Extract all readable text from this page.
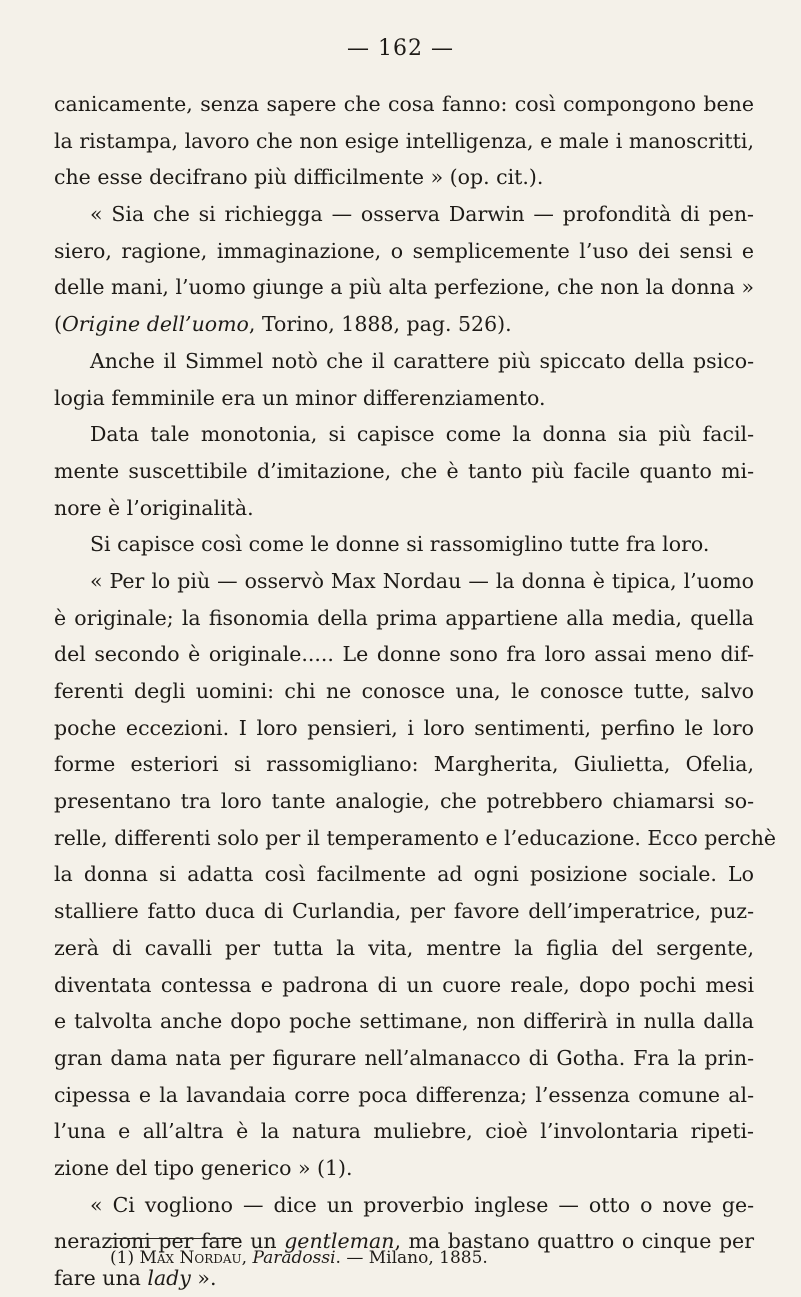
— 162 —
canicamente, senza sapere che cosa fanno: così compongono bene
la ristampa, lavoro che non esige intelligenza, e male i manoscritti,
che esse decifrano più difficilmente » (op. cit.).
« Sia che si richiegga — osserva Darwin — profondità di pen-
siero, ragione, immaginazione, o semplicemente l’uso dei sensi e
delle mani, l’uomo giunge a più alta perfezione, che non la donna »
(Origine dell’uomo, Torino, 1888, pag. 526).
Anche il Simmel notò che il carattere più spiccato della psico-
logia femminile era un minor differenziamento.
Data tale monotonia, si capisce come la donna sia più facil-
mente suscettibile d’imitazione, che è tanto più facile quanto mi-
nore è l’originalità.
Si capisce così come le donne si rassomiglino tutte fra loro.
« Per lo più — osservò Max Nordau — la donna è tipica, l’uomo
è originale; la fisonomia della prima appartiene alla media, quella
del secondo è originale..... Le donne sono fra loro assai meno dif-
ferenti degli uomini: chi ne conosce una, le conosce tutte, salvo
poche eccezioni. I loro pensieri, i loro sentimenti, perfino le loro
forme esteriori si rassomigliano: Margherita, Giulietta, Ofelia,
presentano tra loro tante analogie, che potrebbero chiamarsi so-
relle, differenti solo per il temperamento e l’educazione. Ecco perchè
la donna si adatta così facilmente ad ogni posizione sociale. Lo
stalliere fatto duca di Curlandia, per favore dell’imperatrice, puz-
zerà di cavalli per tutta la vita, mentre la figlia del sergente,
diventata contessa e padrona di un cuore reale, dopo pochi mesi
e talvolta anche dopo poche settimane, non differirà in nulla dalla
gran dama nata per figurare nell’almanacco di Gotha. Fra la prin-
cipessa e la lavandaia corre poca differenza; l’essenza comune al-
l’una e all’altra è la natura muliebre, cioè l’involontaria ripeti-
zione del tipo generico » (1).
« Ci vogliono — dice un proverbio inglese — otto o nove ge-
nerazioni per fare un gentleman, ma bastano quattro o cinque per
fare una lady ».
(1) Max Nordau, Paradossi. — Milano, 1885.
